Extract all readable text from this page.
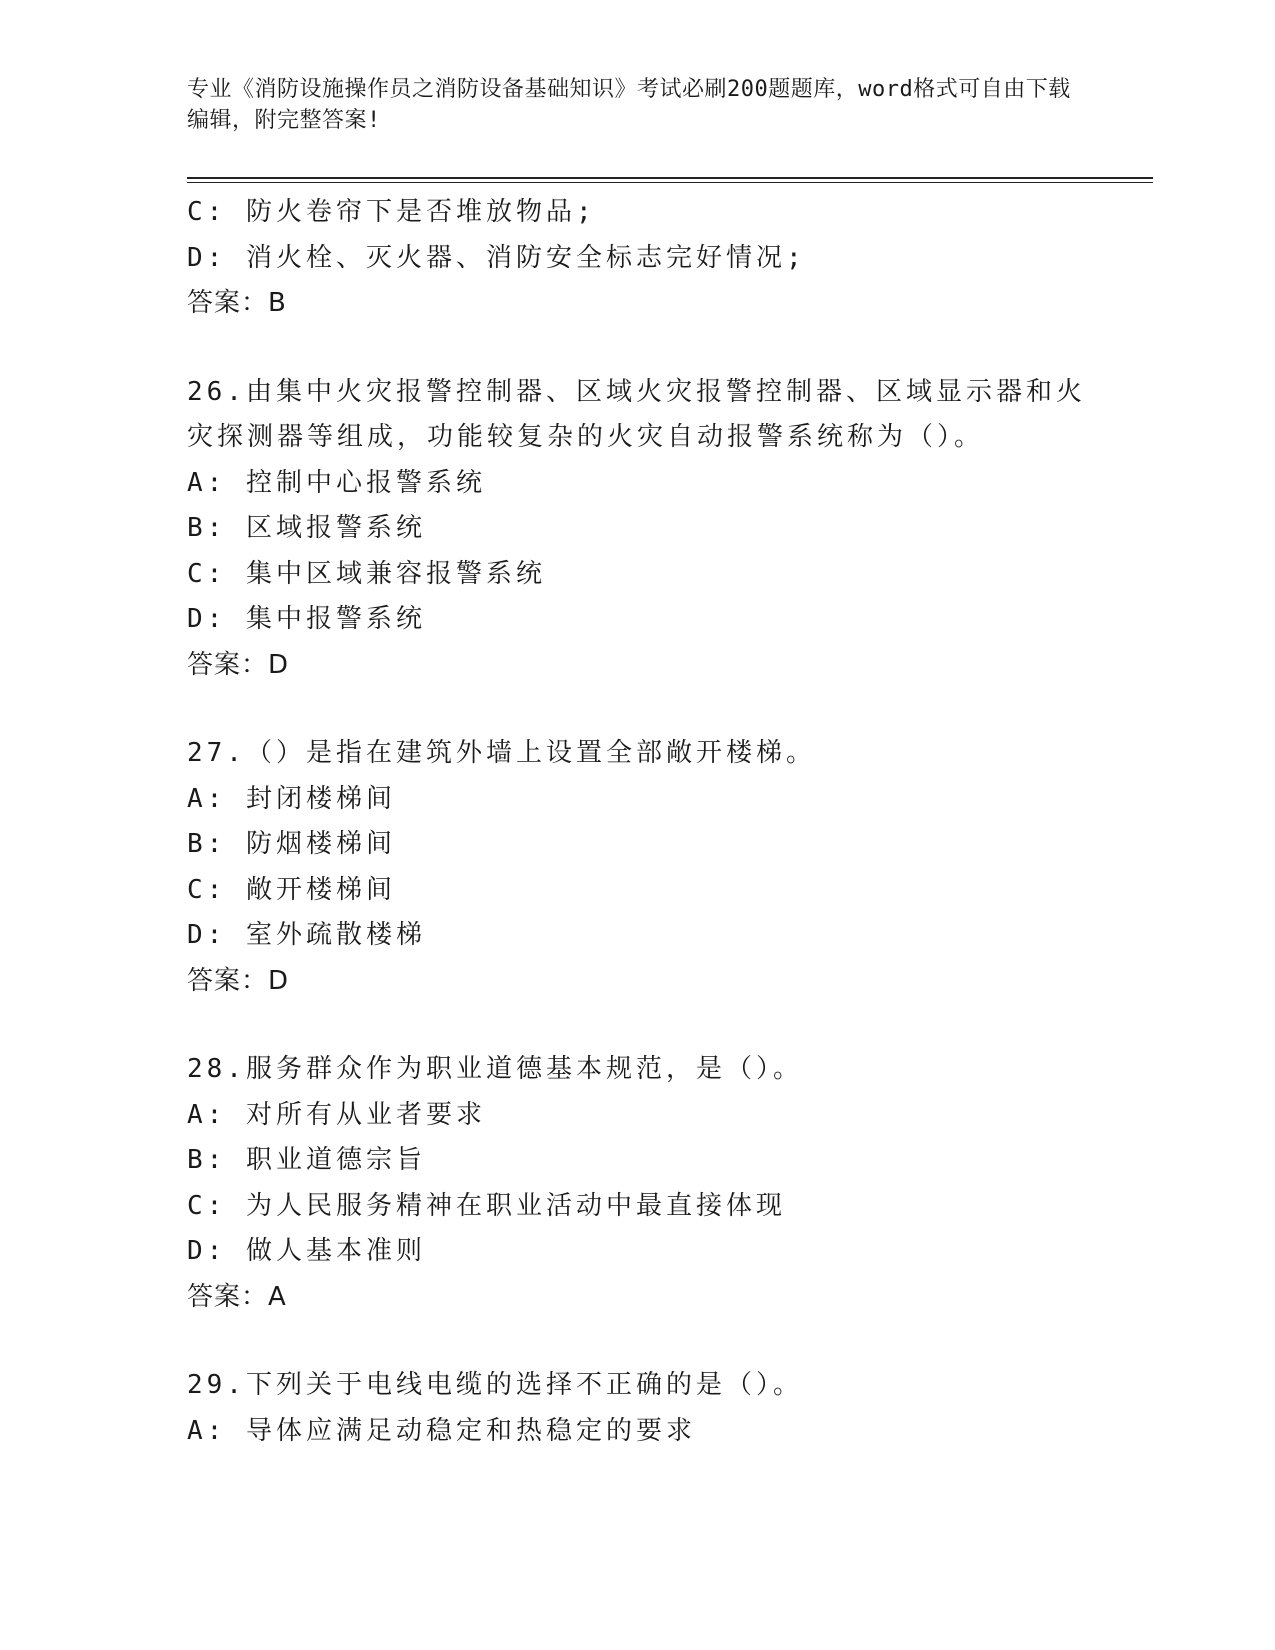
专业《消防设施操作员之消防设备基础知识》考试必刷200题题库，word格式可自由下载编辑，附完整答案!
C: 防火卷帘下是否堆放物品;
D: 消火栓、灭火器、消防安全标志完好情况;
答案：B
26.由集中火灾报警控制器、区域火灾报警控制器、区域显示器和火灾探测器等组成，功能较复杂的火灾自动报警系统称为（）。
A: 控制中心报警系统
B: 区域报警系统
C: 集中区域兼容报警系统
D: 集中报警系统
答案：D
27.（）是指在建筑外墙上设置全部敞开楼梯。
A: 封闭楼梯间
B: 防烟楼梯间
C: 敞开楼梯间
D: 室外疏散楼梯
答案：D
28.服务群众作为职业道德基本规范，是（）。
A: 对所有从业者要求
B: 职业道德宗旨
C: 为人民服务精神在职业活动中最直接体现
D: 做人基本准则
答案：A
29.下列关于电线电缆的选择不正确的是（）。
A: 导体应满足动稳定和热稳定的要求
